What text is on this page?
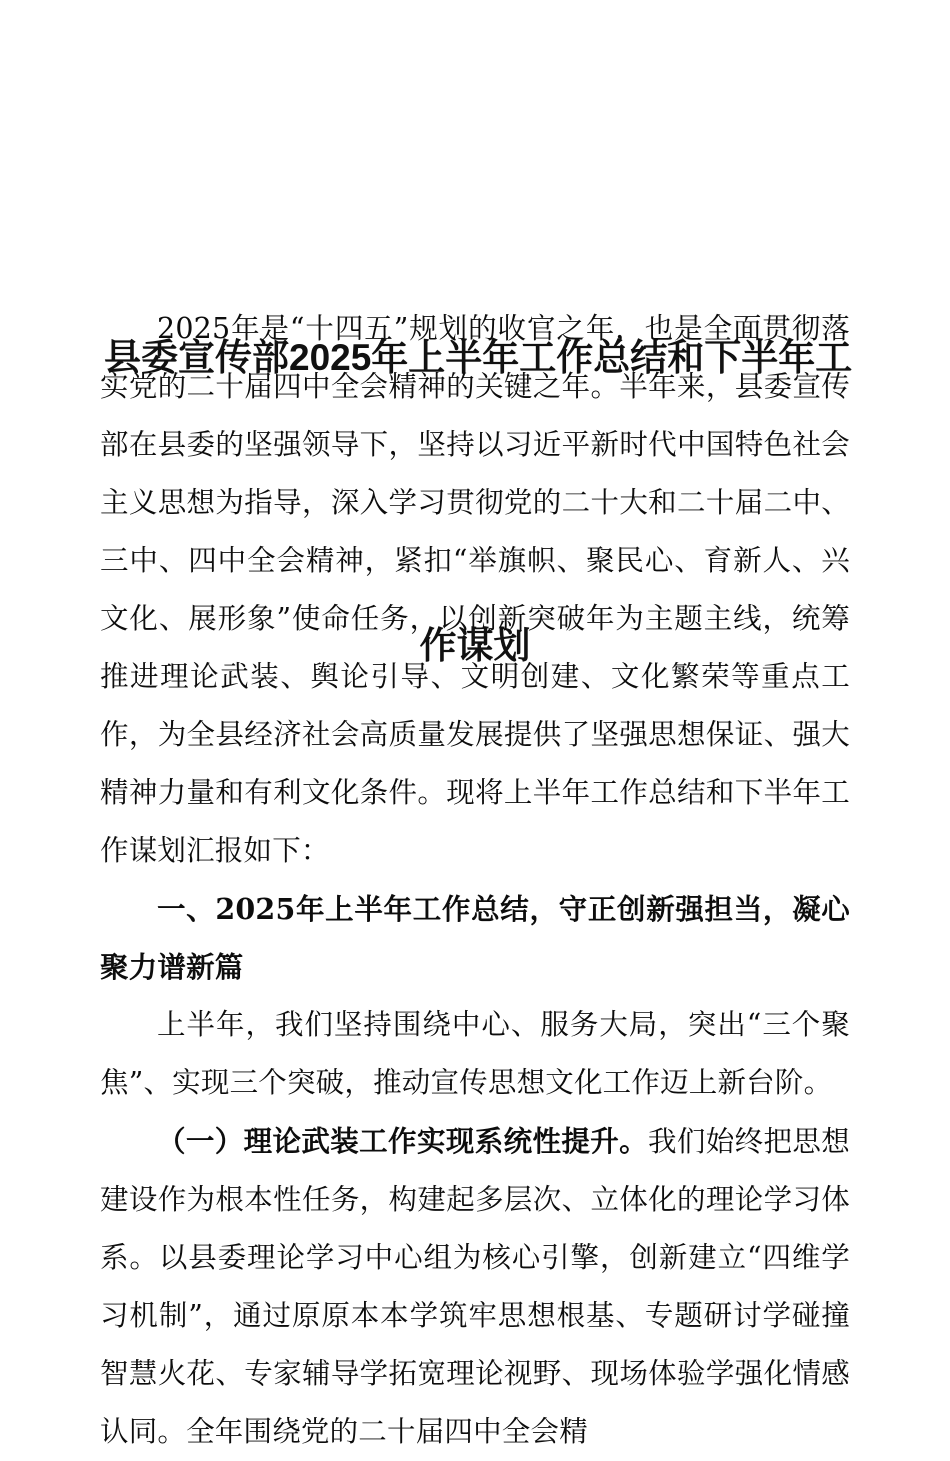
县委宣传部2025年上半年工作总结和下半年工

作谋划

2025年是“十四五”规划的收官之年，也是全面贯彻落实党的二十届四中全会精神的关键之年。半年来，县委宣传部在县委的坚强领导下，坚持以习近平新时代中国特色社会主义思想为指导，深入学习贯彻党的二十大和二十届二中、三中、四中全会精神，紧扣“举旗帜、聚民心、育新人、兴文化、展形象”使命任务，以创新突破年为主题主线，统筹推进理论武装、舆论引导、文明创建、文化繁荣等重点工作，为全县经济社会高质量发展提供了坚强思想保证、强大精神力量和有利文化条件。现将上半年工作总结和下半年工作谋划汇报如下：

一、2025年上半年工作总结，守正创新强担当，凝心聚力谱新篇

上半年，我们坚持围绕中心、服务大局，突出“三个聚焦”、实现三个突破，推动宣传思想文化工作迈上新台阶。

（一）理论武装工作实现系统性提升。我们始终把思想建设作为根本性任务，构建起多层次、立体化的理论学习体系。以县委理论学习中心组为核心引擎，创新建立“四维学习机制”，通过原原本本学筑牢思想根基、专题研讨学碰撞智慧火花、专家辅导学拓宽理论视野、现场体验学强化情感认同。全年围绕党的二十届四中全会精
